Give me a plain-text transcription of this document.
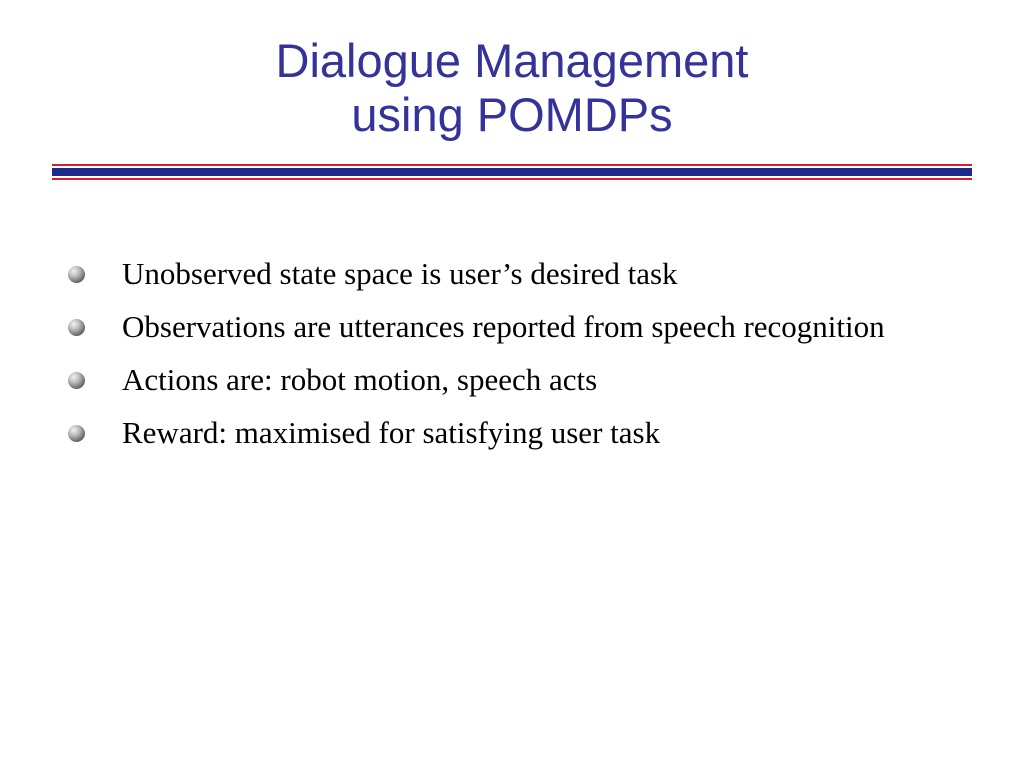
Dialogue Management
using POMDPs
Unobserved state space is user’s desired task
Observations are utterances reported from speech recognition
Actions are: robot motion, speech acts
Reward: maximised for satisfying user task
